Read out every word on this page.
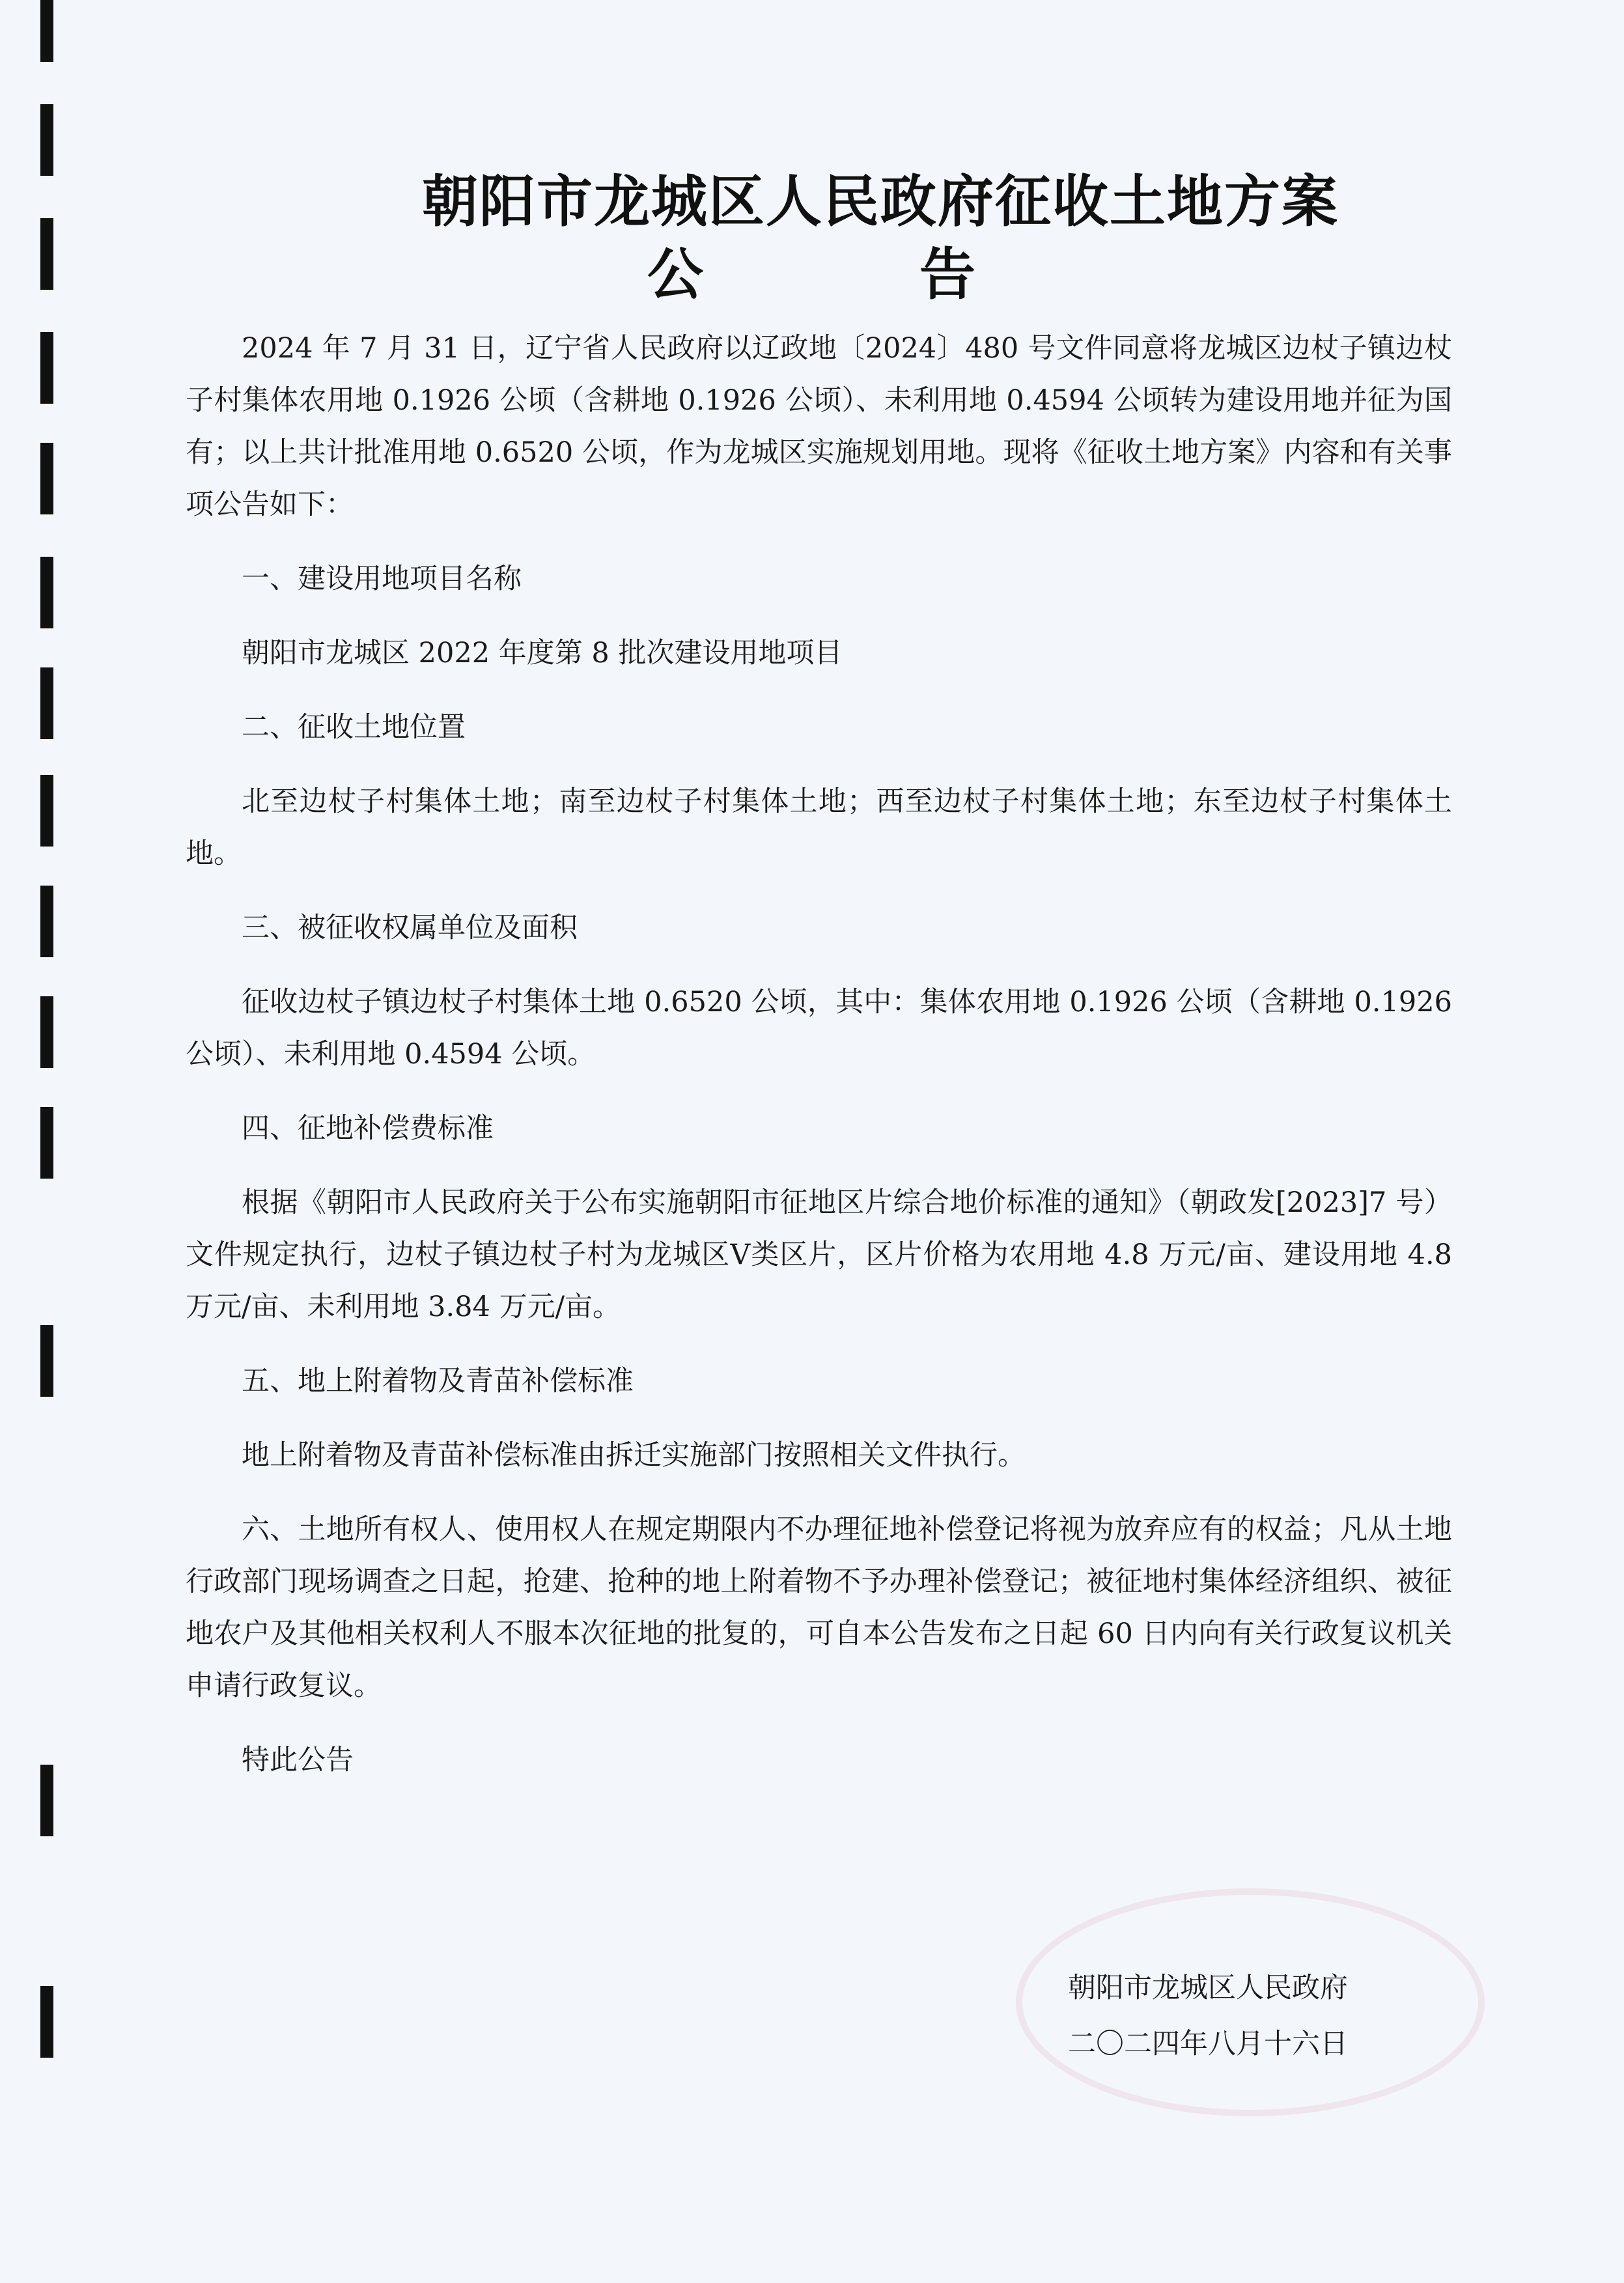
朝阳市龙城区人民政府征收土地方案
公	告

2024 年 7 月 31 日，辽宁省人民政府以辽政地〔2024〕480 号文件同意将龙城区边杖子镇边杖子村集体农用地 0.1926 公顷（含耕地 0.1926 公顷）、未利用地 0.4594 公顷转为建设用地并征为国有；以上共计批准用地 0.6520 公顷，作为龙城区实施规划用地。现将《征收土地方案》内容和有关事项公告如下：

一、建设用地项目名称

朝阳市龙城区 2022 年度第 8 批次建设用地项目

二、征收土地位置

北至边杖子村集体土地；南至边杖子村集体土地；西至边杖子村集体土地；东至边杖子村集体土地。

三、被征收权属单位及面积

征收边杖子镇边杖子村集体土地 0.6520 公顷，其中：集体农用地 0.1926 公顷（含耕地 0.1926 公顷）、未利用地 0.4594 公顷。

四、征地补偿费标准

根据《朝阳市人民政府关于公布实施朝阳市征地区片综合地价标准的通知》（朝政发[2023]7 号）文件规定执行，边杖子镇边杖子村为龙城区Ⅴ类区片，区片价格为农用地 4.8 万元/亩、建设用地 4.8 万元/亩、未利用地 3.84 万元/亩。

五、地上附着物及青苗补偿标准

地上附着物及青苗补偿标准由拆迁实施部门按照相关文件执行。

六、土地所有权人、使用权人在规定期限内不办理征地补偿登记将视为放弃应有的权益；凡从土地行政部门现场调查之日起，抢建、抢种的地上附着物不予办理补偿登记；被征地村集体经济组织、被征地农户及其他相关权利人不服本次征地的批复的，可自本公告发布之日起 60 日内向有关行政复议机关申请行政复议。

特此公告

朝阳市龙城区人民政府
二〇二四年八月十六日
